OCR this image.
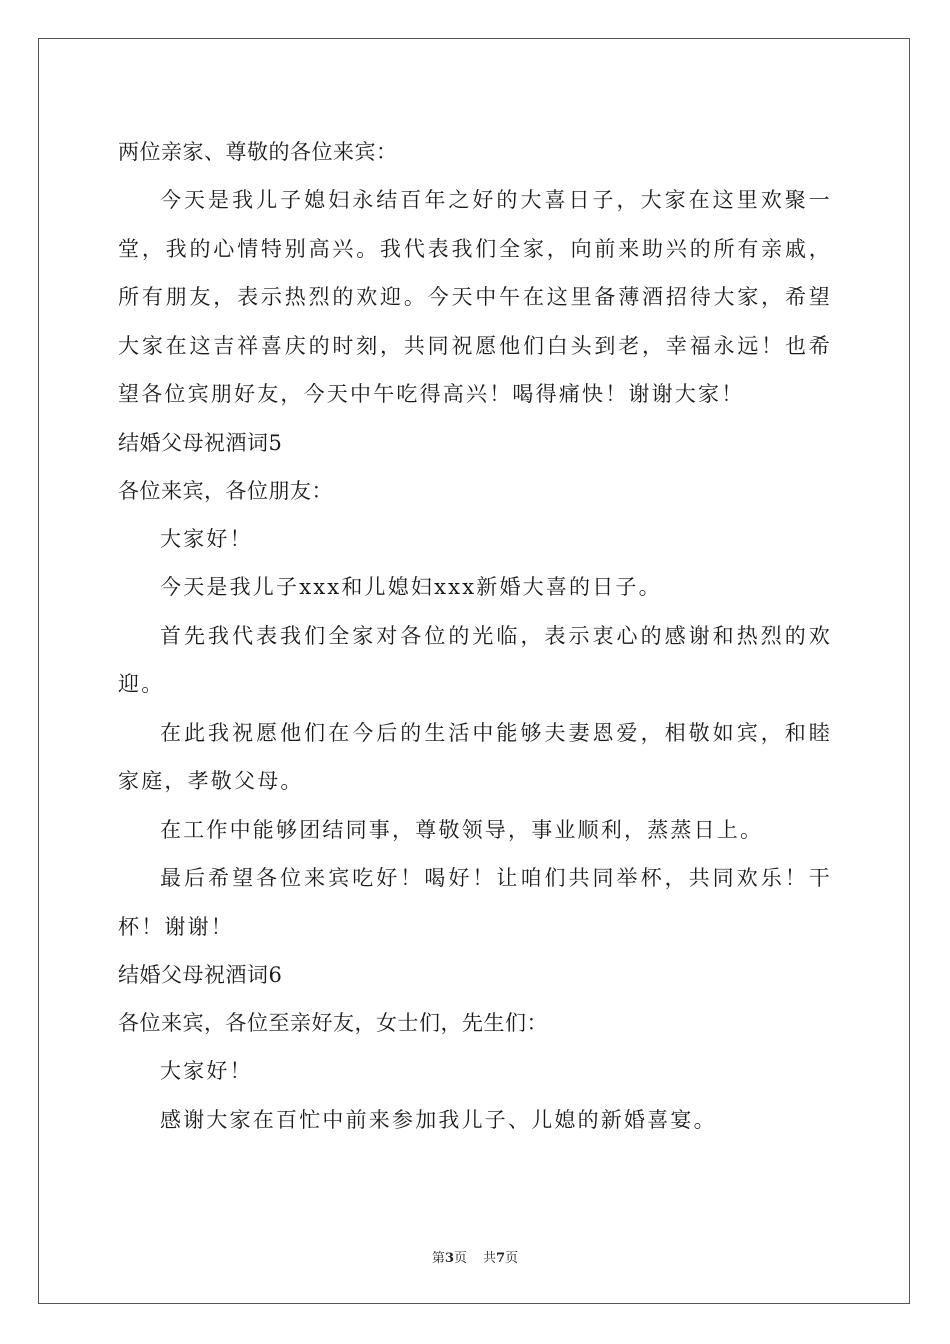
两位亲家、尊敬的各位来宾：

今天是我儿子媳妇永结百年之好的大喜日子，大家在这里欢聚一堂，我的心情特别高兴。我代表我们全家，向前来助兴的所有亲戚，所有朋友，表示热烈的欢迎。今天中午在这里备薄酒招待大家，希望大家在这吉祥喜庆的时刻，共同祝愿他们白头到老，幸福永远！也希望各位宾朋好友，今天中午吃得高兴！喝得痛快！谢谢大家！

结婚父母祝酒词5
各位来宾，各位朋友：

大家好！

今天是我儿子xxx和儿媳妇xxx新婚大喜的日子。

首先我代表我们全家对各位的光临，表示衷心的感谢和热烈的欢迎。

在此我祝愿他们在今后的生活中能够夫妻恩爱，相敬如宾，和睦家庭，孝敬父母。

在工作中能够团结同事，尊敬领导，事业顺利，蒸蒸日上。

最后希望各位来宾吃好！喝好！让咱们共同举杯，共同欢乐！干杯！谢谢！

结婚父母祝酒词6
各位来宾，各位至亲好友，女士们，先生们：

大家好！

感谢大家在百忙中前来参加我儿子、儿媳的新婚喜宴。

第3页 共7页
